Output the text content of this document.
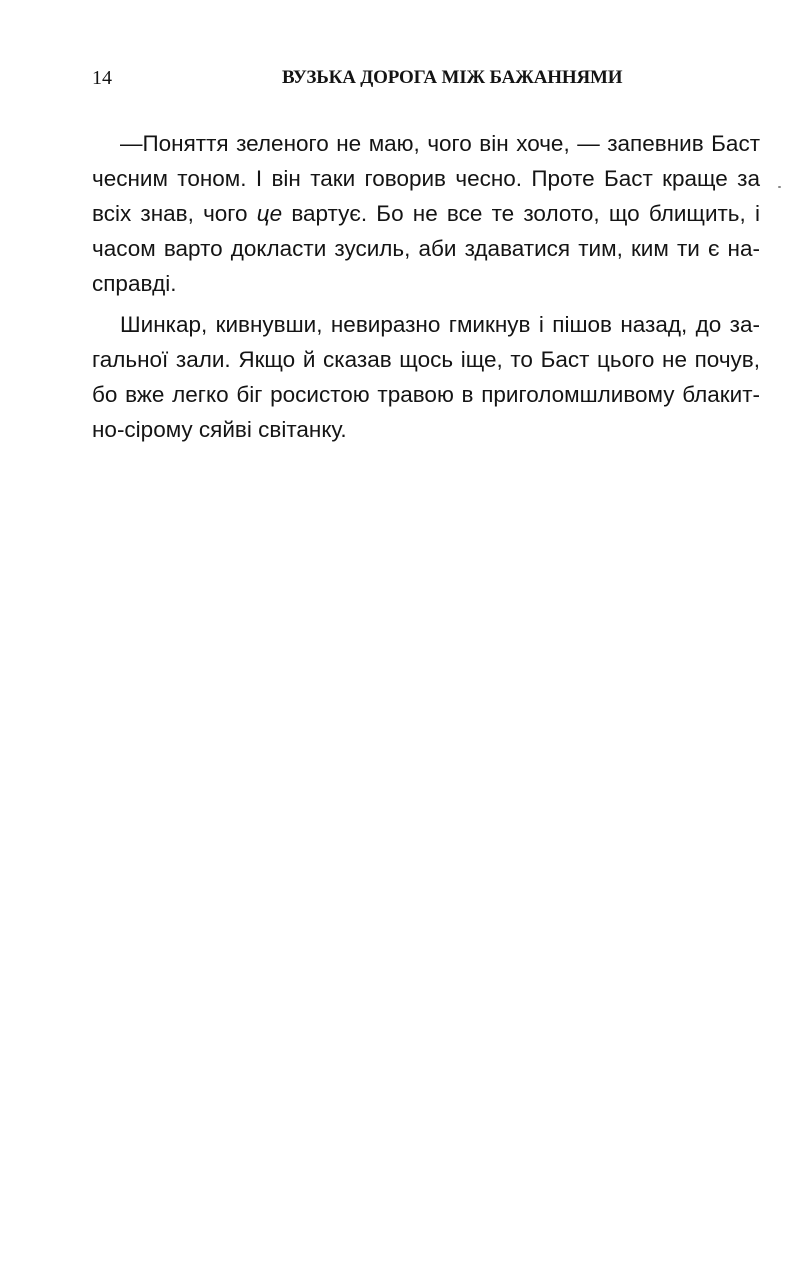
14	ВУЗЬКА ДОРОГА МІЖ БАЖАННЯМИ
—Поняття зеленого не маю, чого він хоче, — запевнив Баст
чесним тоном. І він таки говорив чесно. Проте Баст краще за
всіх знав, чого це вартує. Бо не все те золото, що блищить, і
часом варто докласти зусиль, аби здаватися тим, ким ти є на-
справді.
Шинкар, кивнувши, невиразно гмикнув і пішов назад, до за-
гальної зали. Якщо й сказав щось іще, то Баст цього не почув,
бо вже легко біг росистою травою в приголомшливому блакит-
но-сірому сяйві світанку.
